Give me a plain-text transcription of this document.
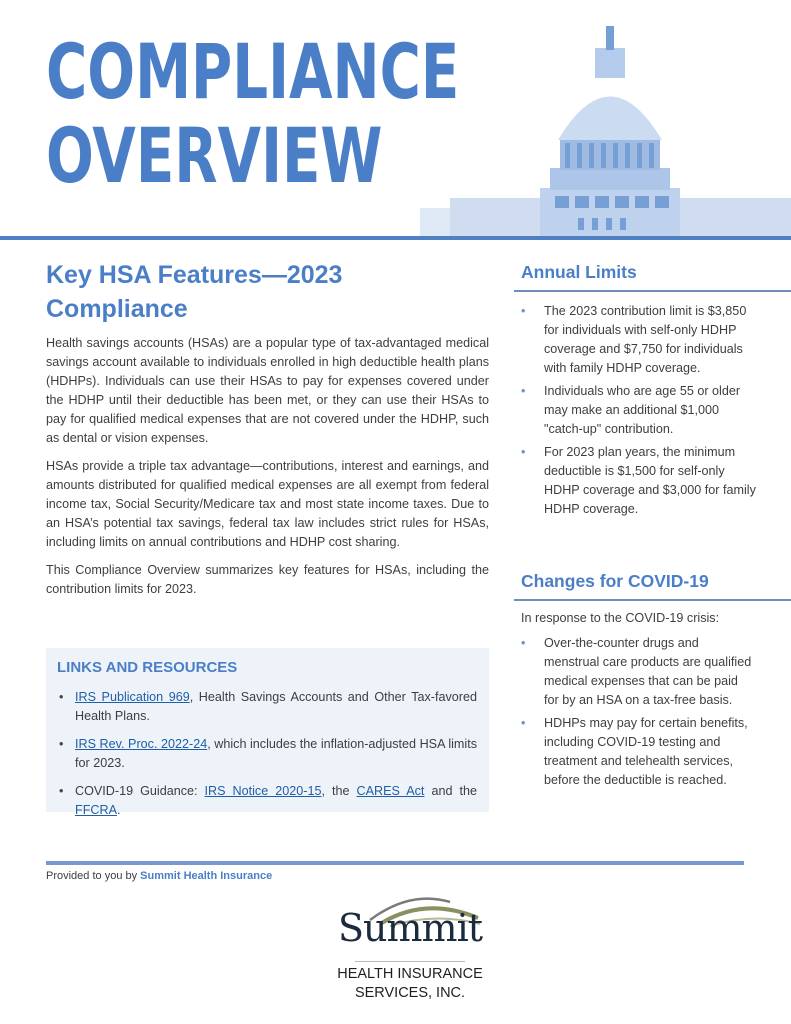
COMPLIANCE
OVERVIEW
Key HSA Features—2023
Compliance

Health savings accounts (HSAs) are a popular type of tax-advantaged medical savings account available to individuals enrolled in high deductible health plans (HDHPs). Individuals can use their HSAs to pay for expenses covered under the HDHP until their deductible has been met, or they can use their HSAs to pay for qualified medical expenses that are not covered under the HDHP, such as dental or vision expenses.

HSAs provide a triple tax advantage—contributions, interest and earnings, and amounts distributed for qualified medical expenses are all exempt from federal income tax, Social Security/Medicare tax and most state income taxes. Due to an HSA’s potential tax savings, federal tax law includes strict rules for HSAs, including limits on annual contributions and HDHP cost sharing.

This Compliance Overview summarizes key features for HSAs, including the contribution limits for 2023.

LINKS AND RESOURCES
• IRS Publication 969, Health Savings Accounts and Other Tax-favored Health Plans.
• IRS Rev. Proc. 2022-24, which includes the inflation-adjusted HSA limits for 2023.
• COVID-19 Guidance: IRS Notice 2020-15, the CARES Act and the FFCRA.
Annual Limits
• The 2023 contribution limit is $3,850 for individuals with self-only HDHP coverage and $7,750 for individuals with family HDHP coverage.
• Individuals who are age 55 or older may make an additional $1,000 "catch-up" contribution.
• For 2023 plan years, the minimum deductible is $1,500 for self-only HDHP coverage and $3,000 for family HDHP coverage.
Changes for COVID-19

In response to the COVID-19 crisis:

• Over-the-counter drugs and menstrual care products are qualified medical expenses that can be paid for by an HSA on a tax-free basis.
• HDHPs may pay for certain benefits, including COVID-19 testing and treatment and telehealth services, before the deductible is reached.
Provided to you by Summit Health Insurance
Summit
HEALTH INSURANCE
SERVICES, INC.
